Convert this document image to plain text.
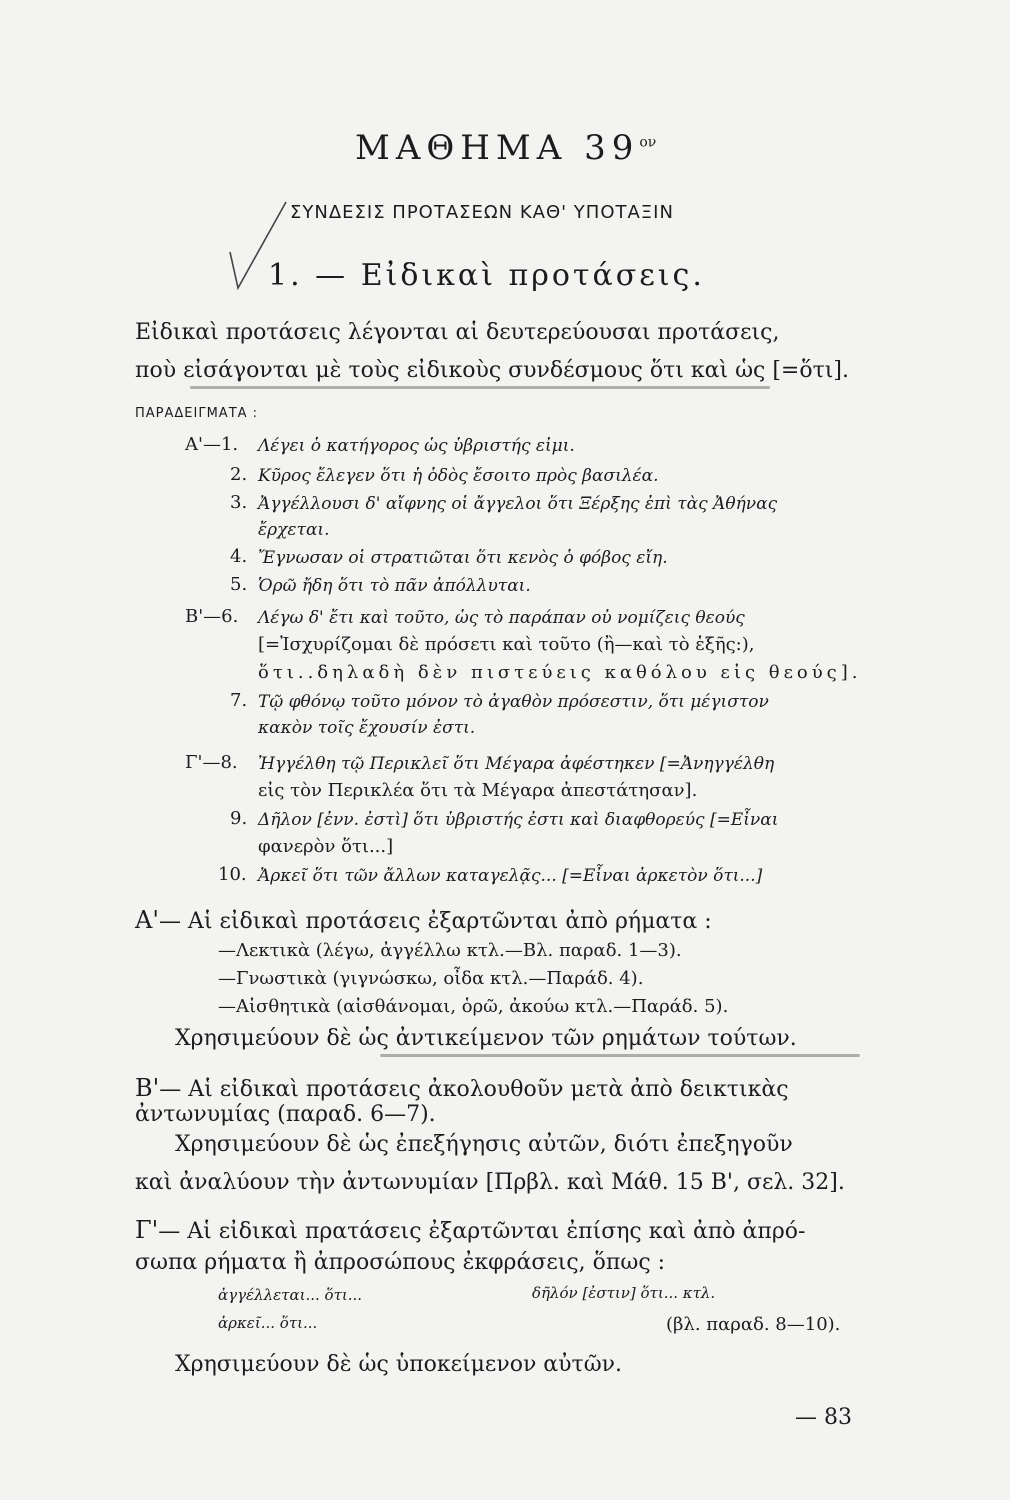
ΜΑΘΗΜΑ $39^{o\nu}$
ΣΥΝΔΕΣΙΣ ΠΡΟΤΑΣΕΩΝ ΚΑΘ' ΥΠΟΤΑΞΙΝ
1. — Εἰδικαὶ προτάσεις.
Εἰδικαὶ προτάσεις λέγονται αἱ δευτερεύουσαι προτάσεις,
ποὺ εἰσάγονται μὲ τοὺς εἰδικοὺς συνδέσμους ὅτι καὶ ὡς [=ὅτι].
ΠΑΡΑΔΕΙΓΜΑΤΑ :
Α'—1. Λέγει ὁ κατήγορος ὡς ὑβριστής εἰμι.
2. Κῦρος ἔλεγεν ὅτι ἡ ὁδὸς ἔσοιτο πρὸς βασιλέα.
3. Ἀγγέλλουσι δ' αἴφνης οἱ ἄγγελοι ὅτι Ξέρξης ἐπὶ τὰς Ἀθήνας
ἔρχεται.
4. Ἔγνωσαν οἱ στρατιῶται ὅτι κενὸς ὁ φόβος εἴη.
5. Ὁρῶ ἤδη ὅτι τὸ πᾶν ἀπόλλυται.
Β'—6. Λέγω δ' ἔτι καὶ τοῦτο, ὡς τὸ παράπαν οὐ νομίζεις θεούς
[=Ἰσχυρίζομαι δὲ πρόσετι καὶ τοῦτο (ἢ—καὶ τὸ ἑξῆς:),
ὅτι..δηλαδὴ δὲν πιστεύεις καθόλου εἰς θεούς].
7. Τῷ φθόνῳ τοῦτο μόνον τὸ ἀγαθὸν πρόσεστιν, ὅτι μέγιστον
κακὸν τοῖς ἔχουσίν ἐστι.
Γ'—8. Ἠγγέλθη τῷ Περικλεῖ ὅτι Μέγαρα ἀφέστηκεν [=Ἀνηγγέλθη
εἰς τὸν Περικλέα ὅτι τὰ Μέγαρα ἀπεστάτησαν].
9. Δῆλον [ἐνν. ἐστὶ] ὅτι ὑβριστής ἐστι καὶ διαφθορεύς [=Εἶναι
φανερὸν ὅτι...]
10. Ἀρκεῖ ὅτι τῶν ἄλλων καταγελᾷς... [=Εἶναι ἀρκετὸν ὅτι...]
Α'— Αἱ εἰδικαὶ προτάσεις ἐξαρτῶνται ἀπὸ ρήματα :
—Λεκτικὰ (λέγω, ἀγγέλλω κτλ.—Βλ. παραδ. 1—3).
—Γνωστικὰ (γιγνώσκω, οἶδα κτλ.—Παράδ. 4).
—Αἰσθητικὰ (αἰσθάνομαι, ὁρῶ, ἀκούω κτλ.—Παράδ. 5).
Χρησιμεύουν δὲ ὡς ἀντικείμενον τῶν ρημάτων τούτων.
Β'— Αἱ εἰδικαὶ προτάσεις ἀκολουθοῦν μετὰ ἀπὸ δεικτικὰς
ἀντωνυμίας (παραδ. 6—7).
Χρησιμεύουν δὲ ὡς ἐπεξήγησις αὐτῶν, διότι ἐπεξηγοῦν
καὶ ἀναλύουν τὴν ἀντωνυμίαν [Πρβλ. καὶ Μάθ. 15 Β', σελ. 32].
Γ'— Αἱ εἰδικαὶ πρατάσεις ἐξαρτῶνται ἐπίσης καὶ ἀπὸ ἀπρό-
σωπα ρήματα ἢ ἀπροσώπους ἐκφράσεις, ὅπως :
ἀγγέλλεται... ὅτι...	δῆλόν [ἐστιν] ὅτι... κτλ.
ἀρκεῖ... ὅτι...	(βλ. παραδ. 8—10).
Χρησιμεύουν δὲ ὡς ὑποκείμενον αὐτῶν.
— 83
